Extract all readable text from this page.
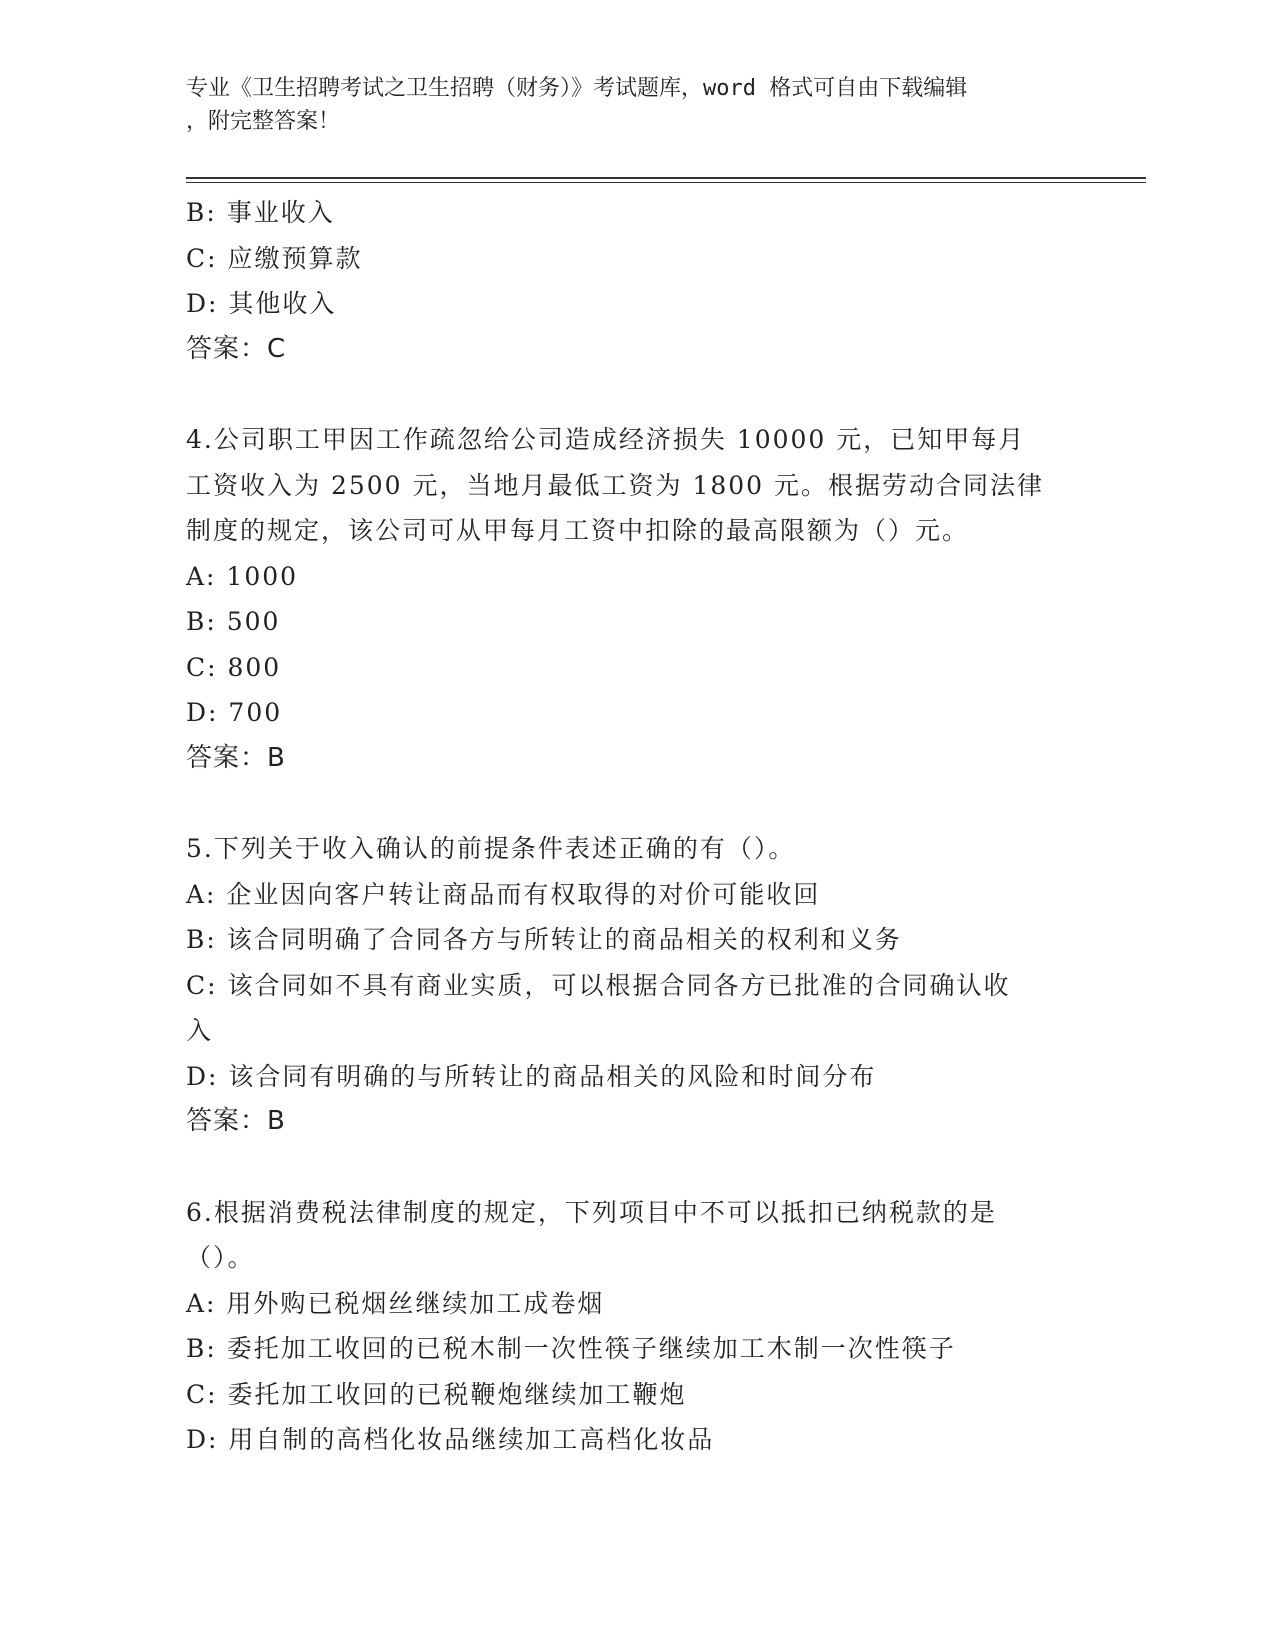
专业《卫生招聘考试之卫生招聘（财务）》考试题库，word 格式可自由下载编辑
，附完整答案！
B: 事业收入
C: 应缴预算款
D: 其他收入
答案：C
4.公司职工甲因工作疏忽给公司造成经济损失 10000 元，已知甲每月
工资收入为 2500 元，当地月最低工资为 1800 元。根据劳动合同法律
制度的规定，该公司可从甲每月工资中扣除的最高限额为（）元。
A: 1000
B: 500
C: 800
D: 700
答案：B
5.下列关于收入确认的前提条件表述正确的有（）。
A: 企业因向客户转让商品而有权取得的对价可能收回
B: 该合同明确了合同各方与所转让的商品相关的权利和义务
C: 该合同如不具有商业实质，可以根据合同各方已批准的合同确认收
入
D: 该合同有明确的与所转让的商品相关的风险和时间分布
答案：B
6.根据消费税法律制度的规定，下列项目中不可以抵扣已纳税款的是
（）。
A: 用外购已税烟丝继续加工成卷烟
B: 委托加工收回的已税木制一次性筷子继续加工木制一次性筷子
C: 委托加工收回的已税鞭炮继续加工鞭炮
D: 用自制的高档化妆品继续加工高档化妆品
